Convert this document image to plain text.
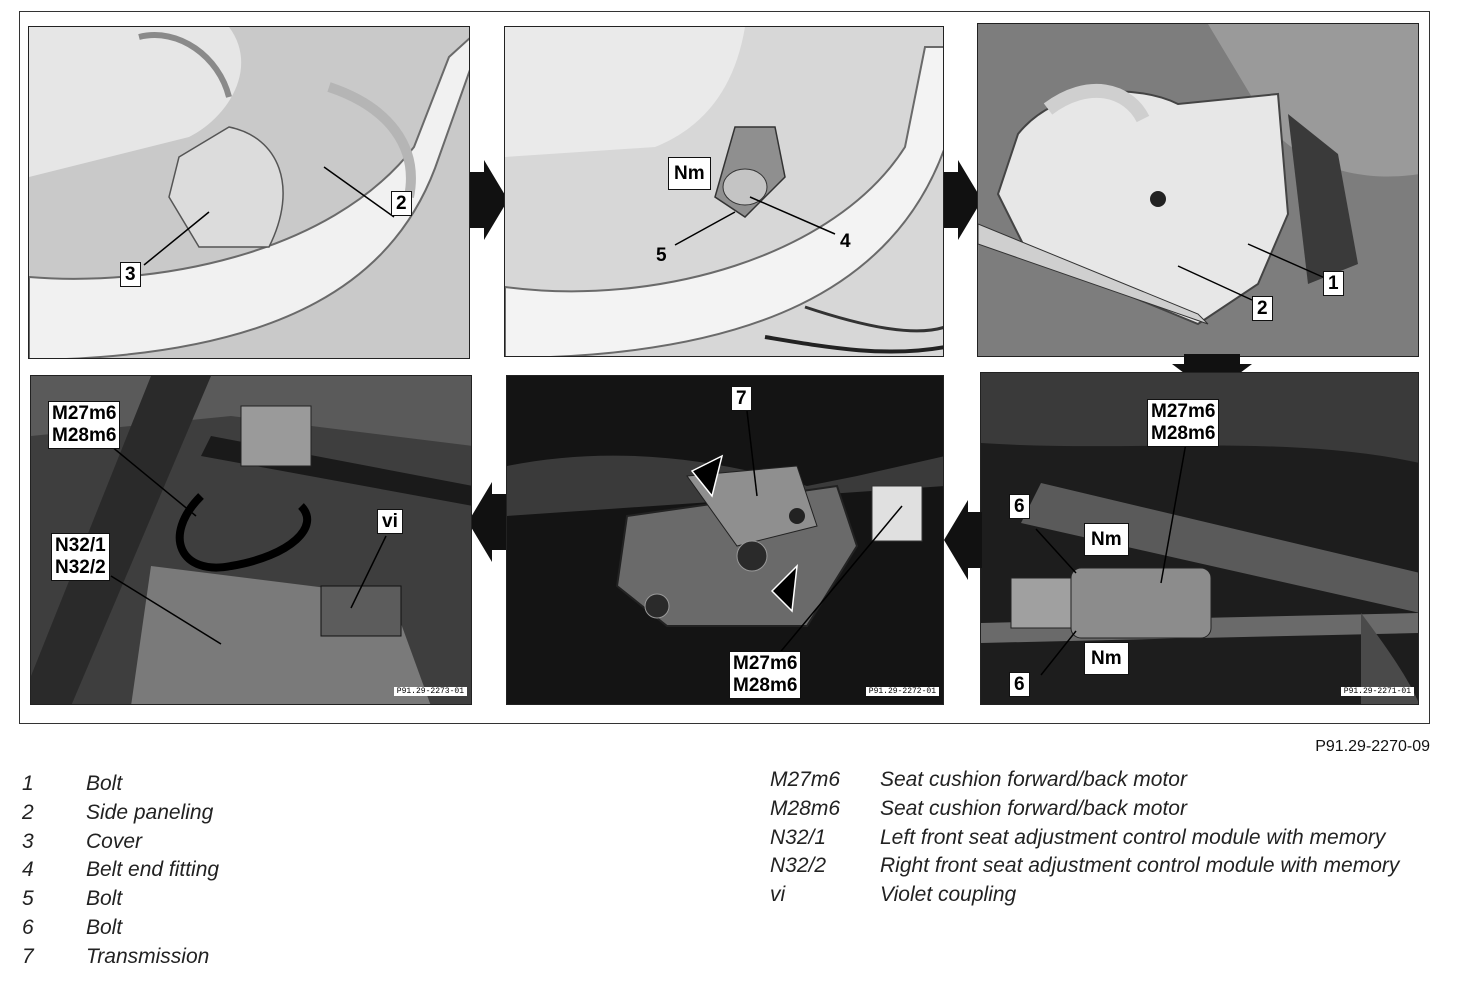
2
3
Nm
5
4
1
2
M27m6
M28m6
6
Nm
Nm
6	P91.29-2271-01
7
M27m6
M28m6	P91.29-2272-01
M27m6
M28m6
vi
N32/1
N32/2
P91.29-2273-01
P91.29-2270-09
1 Bolt
2 Side paneling
3 Cover
4 Belt end fitting
5 Bolt
6 Bolt
7 Transmission
M27m6 Seat cushion forward/back motor
M28m6 Seat cushion forward/back motor
N32/1	Left front seat adjustment control module with memory
N32/2	Right front seat adjustment control module with memory
vi	Violet coupling
